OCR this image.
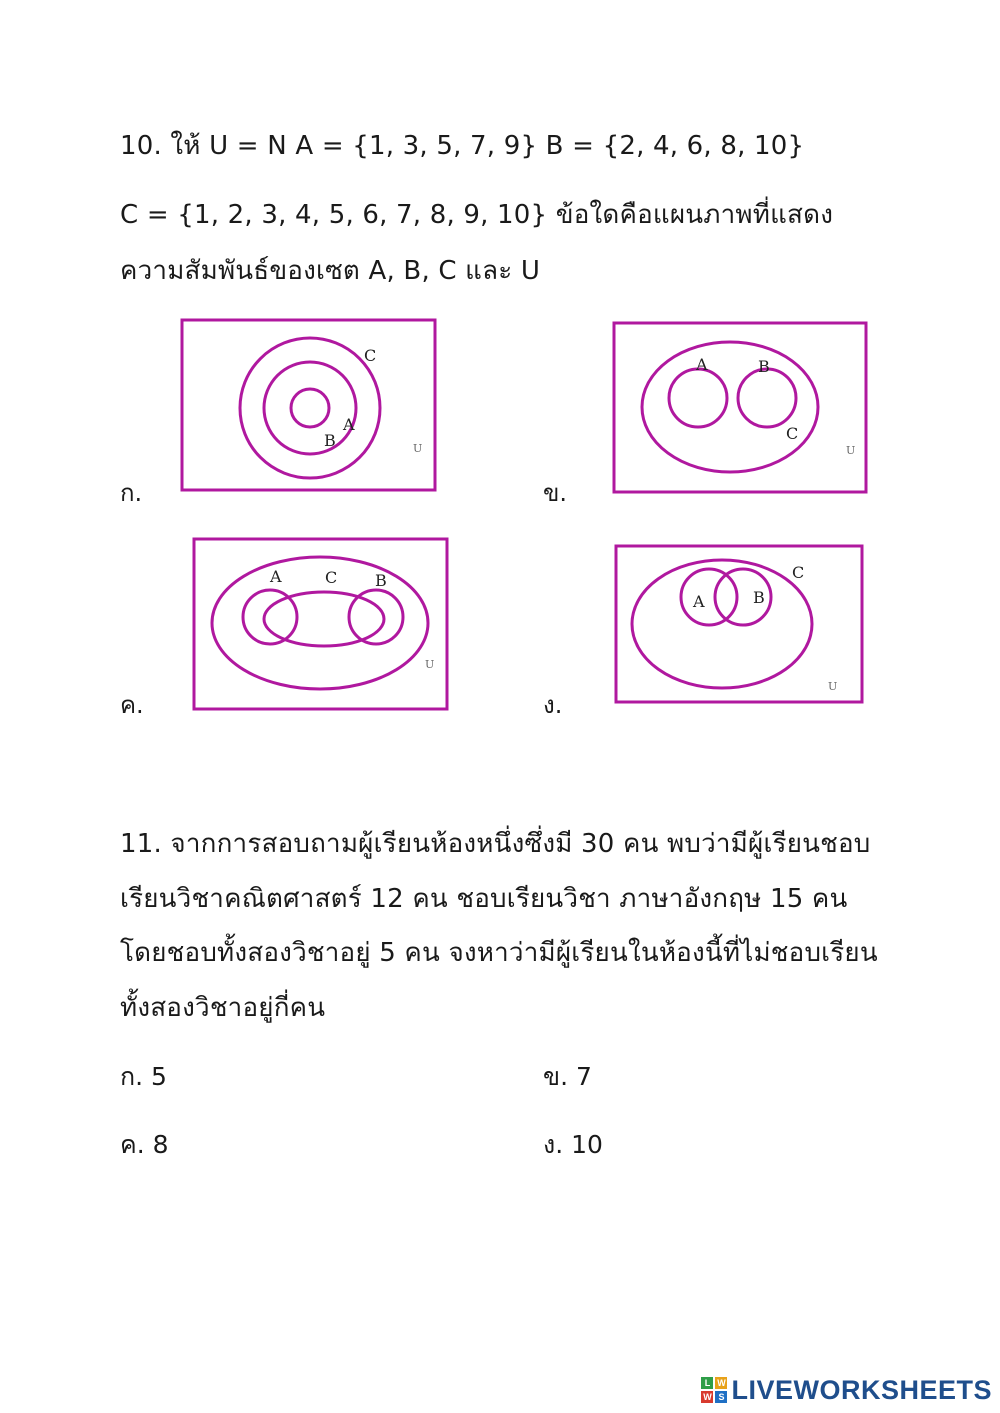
10. ให้ U = N A = {1, 3, 5, 7, 9} B = {2, 4, 6, 8, 10}
C = {1, 2, 3, 4, 5, 6, 7, 8, 9, 10} ข้อใดคือแผนภาพที่แสดง
ความสัมพันธ์ของเซต A, B, C และ U
ก.
C
A
B	U
ข.
A	B
C
U
ค.
A	C B
U
ง.
A	B
C
U
11. จากการสอบถามผู้เรียนห้องหนึ่งซึ่งมี 30 คน พบว่ามีผู้เรียนชอบ
เรียนวิชาคณิตศาสตร์ 12 คน ชอบเรียนวิชา ภาษาอังกฤษ 15 คน
โดยชอบทั้งสองวิชาอยู่ 5 คน จงหาว่ามีผู้เรียนในห้องนี้ที่ไม่ชอบเรียน
ทั้งสองวิชาอยู่กี่คน
ก. 5	ข. 7
ค. 8	ง. 10
L W
W S LIVEWORKSHEETS
